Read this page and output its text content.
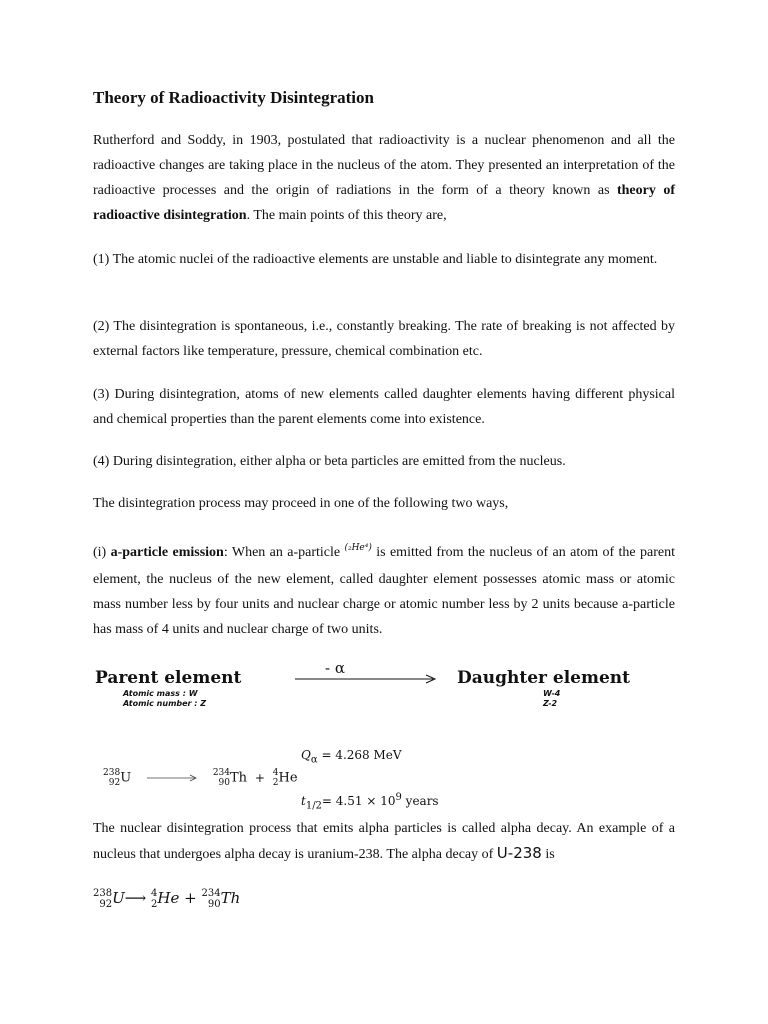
Theory of Radioactivity Disintegration

Rutherford and Soddy, in 1903, postulated that radioactivity is a nuclear phenomenon and all the radioactive changes are taking place in the nucleus of the atom. They presented an interpretation of the radioactive processes and the origin of radiations in the form of a theory known as theory of radioactive disintegration. The main points of this theory are,

(1) The atomic nuclei of the radioactive elements are unstable and liable to disintegrate any moment.

(2) The disintegration is spontaneous, i.e., constantly breaking. The rate of breaking is not affected by external factors like temperature, pressure, chemical combination etc.

(3) During disintegration, atoms of new elements called daughter elements having different physical and chemical properties than the parent elements come into existence.

(4) During disintegration, either alpha or beta particles are emitted from the nucleus.

The disintegration process may proceed in one of the following two ways,

(i) a-particle emission: When an a-particle $^{(_2He^4)}$ is emitted from the nucleus of an atom of the parent element, the nucleus of the new element, called daughter element possesses atomic mass or atomic mass number less by four units and nuclear charge or atomic number less by 2 units because a-particle has mass of 4 units and nuclear charge of two units.

Parent element
Atomic mass : W
Atomic number : Z
- α	Daughter element
W-4
Z-2
$Q_\alpha = 4.268$ MeV
238
92U	234
90Th + 4
2He
$t_{1/2}= 4.51 \times 10^9$ years

The nuclear disintegration process that emits alpha particles is called alpha decay. An example of a nucleus that undergoes alpha decay is uranium-238. The alpha decay of U-238 is

238
92U⟶ 4
2He + 234
90Th
